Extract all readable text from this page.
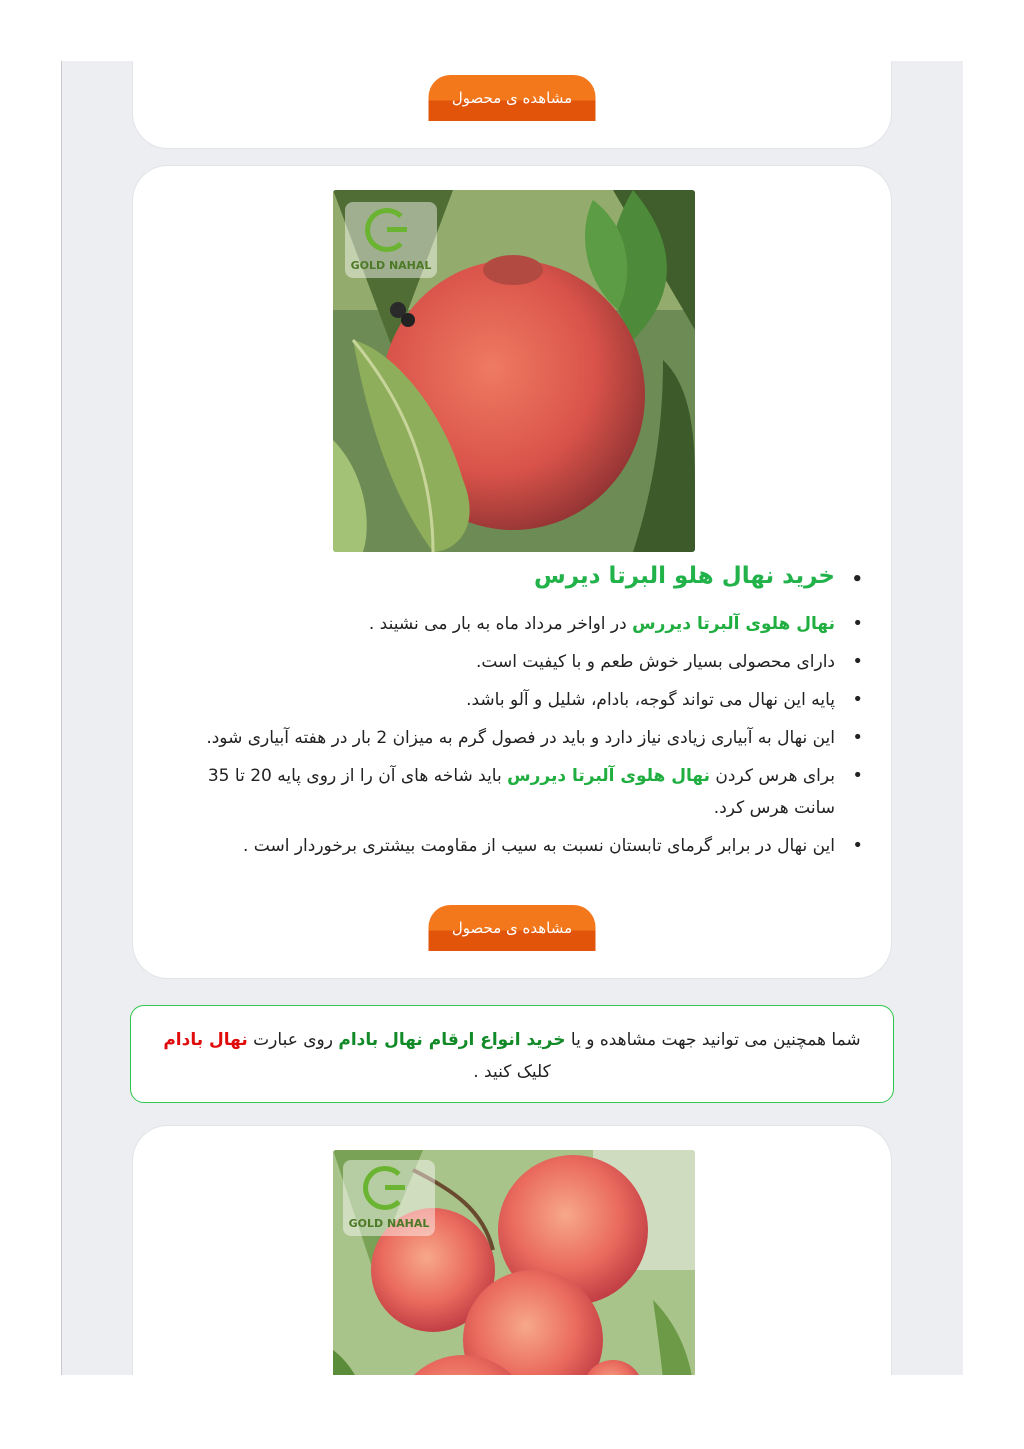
مشاهده ی محصول
GOLD NAHAL
• خرید نهال هلو البرتا دیرس
• نهال هلوی آلبرتا دیررس در اواخر مرداد ماه به بار می نشیند .
• دارای محصولی بسیار خوش طعم و با کیفیت است.
• پایه این نهال می تواند گوجه، بادام، شلیل و آلو باشد.
• این نهال به آبیاری زیادی نیاز دارد و باید در فصول گرم به میزان 2 بار در هفته آبیاری شود.
• برای هرس کردن نهال هلوی آلبرتا دیررس باید شاخه های آن را از روی پایه 20 تا 35 سانت هرس کرد.
• این نهال در برابر گرمای تابستان نسبت به سیب از مقاومت بیشتری برخوردار است .
مشاهده ی محصول
شما همچنین می توانید جهت مشاهده و یا خرید انواع ارقام نهال بادام روی عبارت نهال بادام کلیک کنید .
GOLD NAHAL
